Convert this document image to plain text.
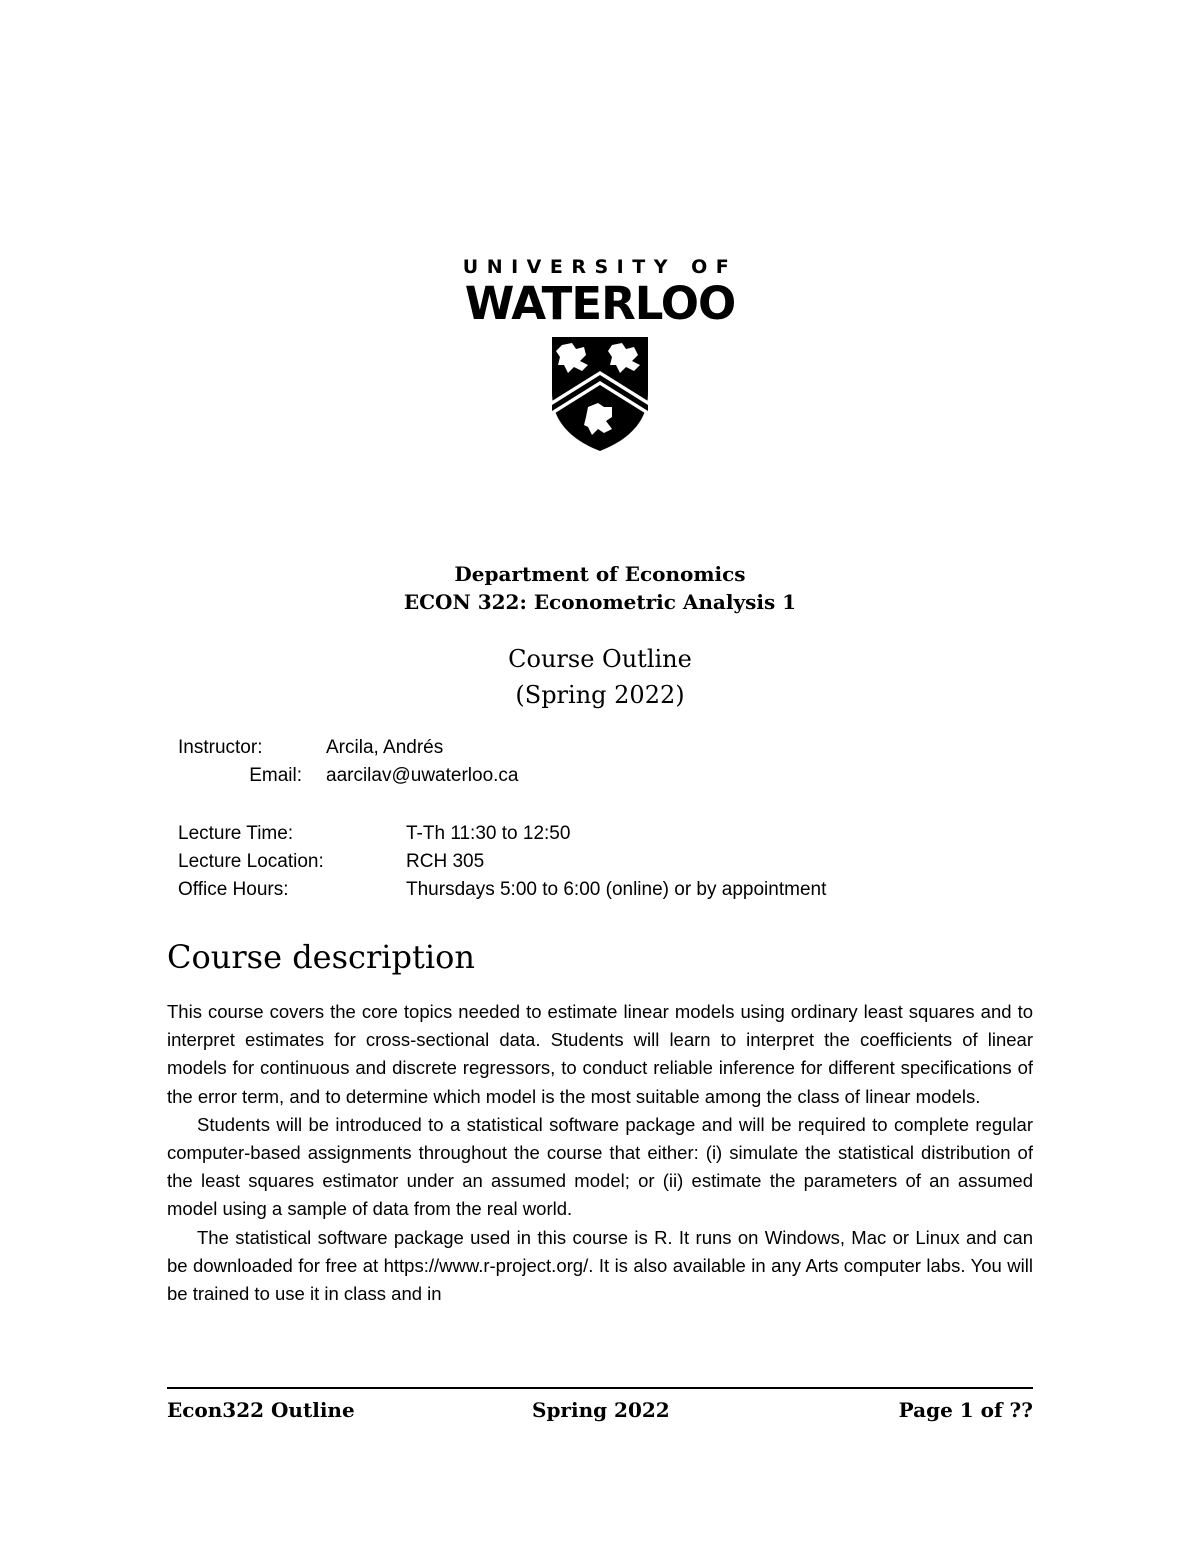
UNIVERSITY OF
WATERLOO
Department of Economics
ECON 322: Econometric Analysis 1
Course Outline
(Spring 2022)
Instructor:	Arcila, Andrés
Email: aarcilav@uwaterloo.ca
Lecture Time:	T-Th 11:30 to 12:50
Lecture Location:	RCH 305
Office Hours:	Thursdays 5:00 to 6:00 (online) or by appointment
Course description

This course covers the core topics needed to estimate linear models using ordinary least squares and to interpret estimates for cross-sectional data. Students will learn to interpret the coefficients of linear models for continuous and discrete regressors, to conduct reliable inference for different specifications of the error term, and to determine which model is the most suitable among the class of linear models.

Students will be introduced to a statistical software package and will be required to complete regular computer-based assignments throughout the course that either: (i) simulate the statistical distribution of the least squares estimator under an assumed model; or (ii) estimate the parameters of an assumed model using a sample of data from the real world.

The statistical software package used in this course is R. It runs on Windows, Mac or Linux and can be downloaded for free at https://www.r-project.org/. It is also available in any Arts computer labs. You will be trained to use it in class and in

Econ322 Outline	Spring 2022	Page 1 of ??
